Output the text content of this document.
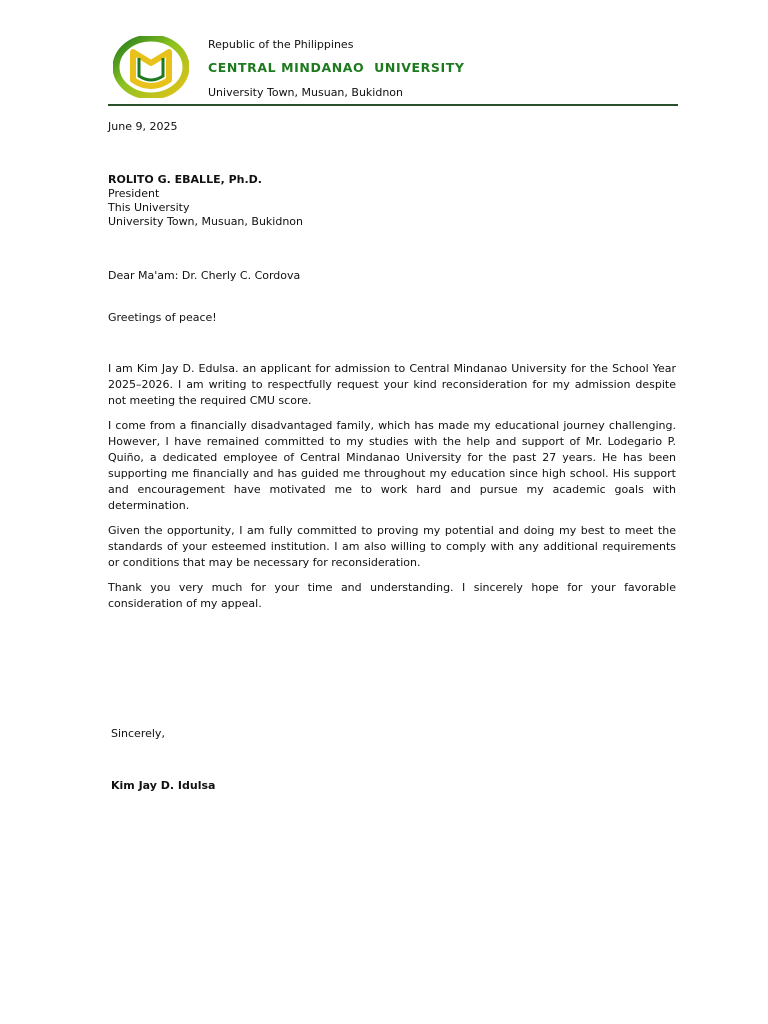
Republic of the Philippines
CENTRAL MINDANAO  UNIVERSITY
University Town, Musuan, Bukidnon
June 9, 2025
ROLITO G. EBALLE, Ph.D.
President
This University
University Town, Musuan, Bukidnon
Dear Ma'am: Dr. Cherly C. Cordova
Greetings of peace!
I am Kim Jay D. Edulsa. an applicant for admission to Central Mindanao University for the School Year 2025–2026. I am writing to respectfully request your kind reconsideration for my admission despite not meeting the required CMU score.
I come from a financially disadvantaged family, which has made my educational journey challenging. However, I have remained committed to my studies with the help and support of Mr. Lodegario P. Quiño, a dedicated employee of Central Mindanao University for the past 27 years. He has been supporting me financially and has guided me throughout my education since high school. His support and encouragement have motivated me to work hard and pursue my academic goals with determination.
Given the opportunity, I am fully committed to proving my potential and doing my best to meet the standards of your esteemed institution. I am also willing to comply with any additional requirements or conditions that may be necessary for reconsideration.
Thank you very much for your time and understanding. I sincerely hope for your favorable consideration of my appeal.
Sincerely,
Kim Jay D. Idulsa
